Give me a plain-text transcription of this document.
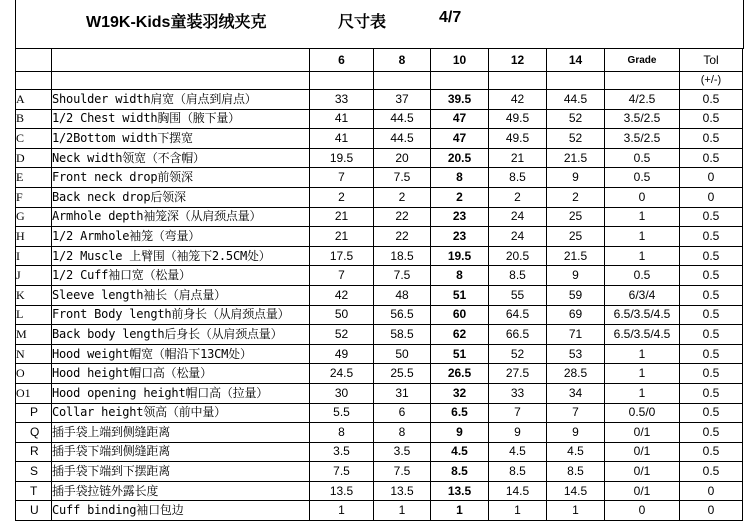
W19K-Kids童装羽绒夹克	尺寸表	4/7
		6	8	10	12	14	Grade	Tol
								(+/-)
A	Shoulder width肩宽（肩点到肩点）	33	37	39.5	42	44.5	4/2.5	0.5
B	1/2 Chest width胸围（腋下量）	41	44.5	47	49.5	52	3.5/2.5	0.5
C	1/2Bottom width下摆宽	41	44.5	47	49.5	52	3.5/2.5	0.5
D	Neck width领宽（不含帽）	19.5	20	20.5	21	21.5	0.5	0.5
E	Front neck drop前领深	7	7.5	8	8.5	9	0.5	0
F	Back neck drop后领深	2	2	2	2	2	0	0
G	Armhole depth袖笼深（从肩颈点量）	21	22	23	24	25	1	0.5
H	1/2 Armhole袖笼（弯量）	21	22	23	24	25	1	0.5
I	1/2 Muscle 上臂围（袖笼下2.5CM处）	17.5	18.5	19.5	20.5	21.5	1	0.5
J	1/2 Cuff袖口宽（松量）	7	7.5	8	8.5	9	0.5	0.5
K	Sleeve length袖长（肩点量）	42	48	51	55	59	6/3/4	0.5
L	Front Body length前身长（从肩颈点量）	50	56.5	60	64.5	69	6.5/3.5/4.5	0.5
M	Back body length后身长（从肩颈点量）	52	58.5	62	66.5	71	6.5/3.5/4.5	0.5
N	Hood weight帽宽（帽沿下13CM处）	49	50	51	52	53	1	0.5
O	Hood height帽口高（松量）	24.5	25.5	26.5	27.5	28.5	1	0.5
O1	Hood opening height帽口高（拉量）	30	31	32	33	34	1	0.5
P	Collar height领高（前中量）	5.5	6	6.5	7	7	0.5/0	0.5
Q	插手袋上端到侧缝距离	8	8	9	9	9	0/1	0.5
R	插手袋下端到侧缝距离	3.5	3.5	4.5	4.5	4.5	0/1	0.5
S	插手袋下端到下摆距离	7.5	7.5	8.5	8.5	8.5	0/1	0.5
T	插手袋拉链外露长度	13.5	13.5	13.5	14.5	14.5	0/1	0
U	Cuff binding袖口包边	1	1	1	1	1	0	0
